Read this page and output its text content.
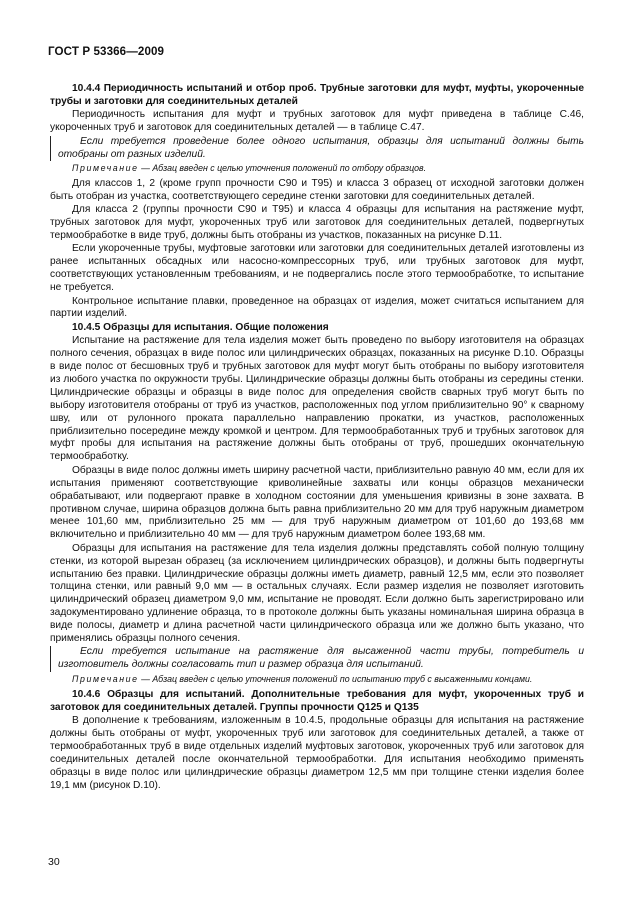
ГОСТ Р 53366—2009

10.4.4 Периодичность испытаний и отбор проб. Трубные заготовки для муфт, муфты, укороченные трубы и заготовки для соединительных деталей

Периодичность испытания для муфт и трубных заготовок для муфт приведена в таблице С.46, укороченных труб и заготовок для соединительных деталей — в таблице С.47.

Если требуется проведение более одного испытания, образцы для испытаний должны быть отобраны от разных изделий.

Примечание — Абзац введен с целью уточнения положений по отбору образцов.

Для классов 1, 2 (кроме групп прочности С90 и Т95) и класса 3 образец от исходной заготовки должен быть отобран из участка, соответствующего середине стенки заготовки для соединительных деталей.

Для класса 2 (группы прочности С90 и Т95) и класса 4 образцы для испытания на растяжение муфт, трубных заготовок для муфт, укороченных труб или заготовок для соединительных деталей, подвергнутых термообработке в виде труб, должны быть отобраны из участков, показанных на рисунке D.11.

Если укороченные трубы, муфтовые заготовки или заготовки для соединительных деталей изготовлены из ранее испытанных обсадных или насосно-компрессорных труб, или трубных заготовок для муфт, соответствующих установленным требованиям, и не подвергались после этого термообработке, то испытание не требуется.

Контрольное испытание плавки, проведенное на образцах от изделия, может считаться испытанием для партии изделий.

10.4.5 Образцы для испытания. Общие положения

Испытание на растяжение для тела изделия может быть проведено по выбору изготовителя на образцах полного сечения, образцах в виде полос или цилиндрических образцах, показанных на рисунке D.10. Образцы в виде полос от бесшовных труб и трубных заготовок для муфт могут быть отобраны по выбору изготовителя из любого участка по окружности трубы. Цилиндрические образцы должны быть отобраны из середины стенки. Цилиндрические образцы и образцы в виде полос для определения свойств сварных труб могут быть по выбору изготовителя отобраны от труб из участков, расположенных под углом приблизительно 90° к сварному шву, или от рулонного проката параллельно направлению прокатки, из участков, расположенных приблизительно посередине между кромкой и центром. Для термообработанных труб и трубных заготовок для муфт пробы для испытания на растяжение должны быть отобраны от труб, прошедших окончательную термообработку.

Образцы в виде полос должны иметь ширину расчетной части, приблизительно равную 40 мм, если для их испытания применяют соответствующие криволинейные захваты или концы образцов механически обрабатывают, или подвергают правке в холодном состоянии для уменьшения кривизны в зоне захвата. В противном случае, ширина образцов должна быть равна приблизительно 20 мм для труб наружным диаметром менее 101,60 мм, приблизительно 25 мм — для труб наружным диаметром от 101,60 до 193,68 мм включительно и приблизительно 40 мм — для труб наружным диаметром более 193,68 мм.

Образцы для испытания на растяжение для тела изделия должны представлять собой полную толщину стенки, из которой вырезан образец (за исключением цилиндрических образцов), и должны быть подвергнуты испытанию без правки. Цилиндрические образцы должны иметь диаметр, равный 12,5 мм, если это позволяет толщина стенки, или равный 9,0 мм — в остальных случаях. Если размер изделия не позволяет изготовить цилиндрический образец диаметром 9,0 мм, испытание не проводят. Если должно быть зарегистрировано или задокументировано удлинение образца, то в протоколе должны быть указаны номинальная ширина образца в виде полосы, диаметр и длина расчетной части цилиндрического образца или же должно быть указано, что применялись образцы полного сечения.

Если требуется испытание на растяжение для высаженной части трубы, потребитель и изготовитель должны согласовать тип и размер образца для испытаний.

Примечание — Абзац введен с целью уточнения положений по испытанию труб с высаженными концами.

10.4.6 Образцы для испытаний. Дополнительные требования для муфт, укороченных труб и заготовок для соединительных деталей. Группы прочности Q125 и Q135

В дополнение к требованиям, изложенным в 10.4.5, продольные образцы для испытания на растяжение должны быть отобраны от муфт, укороченных труб или заготовок для соединительных деталей, а также от термообработанных труб в виде отдельных изделий муфтовых заготовок, укороченных труб или заготовок для соединительных деталей после окончательной термообработки. Для испытания необходимо применять образцы в виде полос или цилиндрические образцы диаметром 12,5 мм при толщине стенки изделия более 19,1 мм (рисунок D.10).

30
